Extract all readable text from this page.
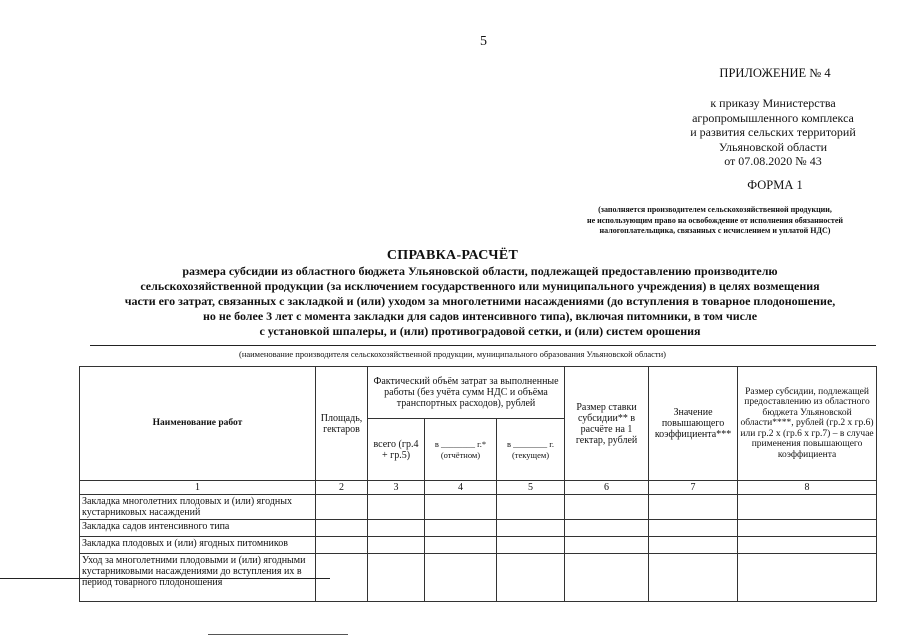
5
ПРИЛОЖЕНИЕ № 4
к приказу Министерства
агропромышленного комплекса
и развития сельских территорий
Ульяновской области
от 07.08.2020 № 43
ФОРМА 1
(заполняется производителем сельскохозяйственной продукции,
не использующим право на освобождение от исполнения обязанностей
налогоплательщика, связанных с исчислением и уплатой НДС)
СПРАВКА-РАСЧЁТ
размера субсидии из областного бюджета Ульяновской области, подлежащей предоставлению производителю
сельскохозяйственной продукции (за исключением государственного или муниципального учреждения) в целях возмещения
части его затрат, связанных с закладкой и (или) уходом за многолетними насаждениями (до вступления в товарное плодоношение,
но не более 3 лет с момента закладки для садов интенсивного типа), включая питомники, в том числе
с установкой шпалеры, и (или) противоградовой сетки, и (или) систем орошения
(наименование производителя сельскохозяйственной продукции, муниципального образования Ульяновской области)
Наименование работ	Площадь, гектаров	Фактический объём затрат за выполненные работы (без учёта сумм НДС и объёма транспортных расходов), рублей			Размер ставки субсидии** в расчёте на 1 гектар, рублей	Значение повышающего коэффициента***	Размер субсидии, подлежащей предоставлению из областного бюджета Ульяновской области****, рублей (гр.2 х гр.6) или гр.2 х (гр.6 х гр.7) – в случае применения повышающего коэффициента
		всего (гр.4 + гр.5)	в ________ г.* (отчётном)	в ________ г. (текущем)			
1	2	3	4	5	6	7	8
Закладка многолетних плодовых и (или) ягодных кустарниковых насаждений							
Закладка садов интенсивного типа							
Закладка плодовых и (или) ягодных питомников							
Уход за многолетними плодовыми и (или) ягодными кустарниковыми насаждениями до вступления их в период товарного плодоношения							
